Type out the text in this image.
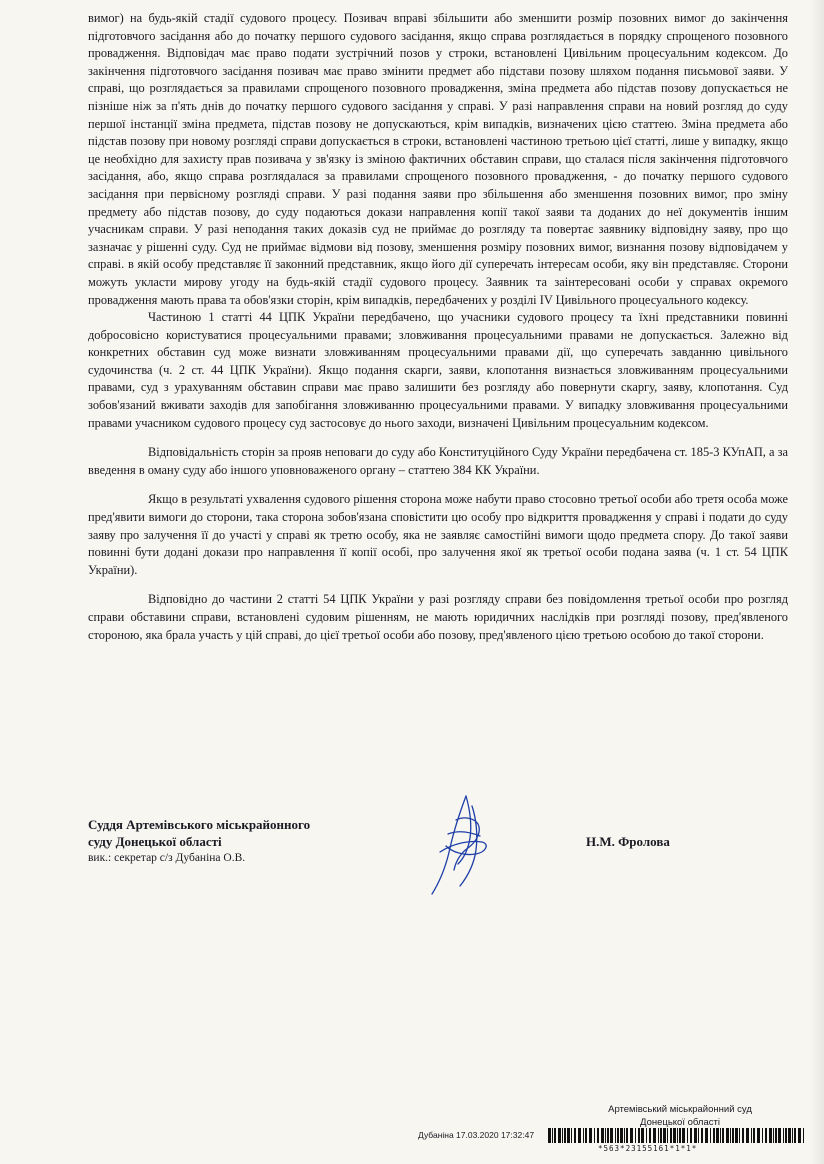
вимог) на будь-якій стадії судового процесу. Позивач вправі збільшити або зменшити розмір позовних вимог до закінчення підготовчого засідання або до початку першого судового засідання, якщо справа розглядається в порядку спрощеного позовного провадження. Відповідач має право подати зустрічний позов у строки, встановлені Цивільним процесуальним кодексом. До закінчення підготовчого засідання позивач має право змінити предмет або підстави позову шляхом подання письмової заяви. У справі, що розглядається за правилами спрощеного позовного провадження, зміна предмета або підстав позову допускається не пізніше ніж за п'ять днів до початку першого судового засідання у справі. У разі направлення справи на новий розгляд до суду першої інстанції зміна предмета, підстав позову не допускаються, крім випадків, визначених цією статтею. Зміна предмета або підстав позову при новому розгляді справи допускається в строки, встановлені частиною третьою цієї статті, лише у випадку, якщо це необхідно для захисту прав позивача у зв'язку із зміною фактичних обставин справи, що сталася після закінчення підготовчого засідання, або, якщо справа розглядалася за правилами спрощеного позовного провадження, - до початку першого судового засідання при первісному розгляді справи. У разі подання заяви про збільшення або зменшення позовних вимог, про зміну предмету або підстав позову, до суду подаються докази направлення копії такої заяви та доданих до неї документів іншим учасникам справи. У разі неподання таких доказів суд не приймає до розгляду та повертає заявнику відповідну заяву, про що зазначає у рішенні суду. Суд не приймає відмови від позову, зменшення розміру позовних вимог, визнання позову відповідачем у справі. в якій особу представляє її законний представник, якщо його дії суперечать інтересам особи, яку він представляє. Сторони можуть укласти мирову угоду на будь-якій стадії судового процесу. Заявник та заінтересовані особи у справах окремого провадження мають права та обов'язки сторін, крім випадків, передбачених у розділі IV Цивільного процесуального кодексу.

Частиною 1 статті 44 ЦПК України передбачено, що учасники судового процесу та їхні представники повинні добросовісно користуватися процесуальними правами; зловживання процесуальними правами не допускається. Залежно від конкретних обставин суд може визнати зловживанням процесуальними правами дії, що суперечать завданню цивільного судочинства (ч. 2 ст. 44 ЦПК України). Якщо подання скарги, заяви, клопотання визнається зловживанням процесуальними правами, суд з урахуванням обставин справи має право залишити без розгляду або повернути скаргу, заяву, клопотання. Суд зобов'язаний вживати заходів для запобігання зловживанню процесуальними правами. У випадку зловживання процесуальними правами учасником судового процесу суд застосовує до нього заходи, визначені Цивільним процесуальним кодексом.

Відповідальність сторін за прояв неповаги до суду або Конституційного Суду України передбачена ст. 185-3 КУпАП, а за введення в оману суду або іншого уповноваженого органу – статтею 384 КК України.

Якщо в результаті ухвалення судового рішення сторона може набути право стосовно третьої особи або третя особа може пред'явити вимоги до сторони, така сторона зобов'язана сповістити цю особу про відкриття провадження у справі і подати до суду заяву про залучення її до участі у справі як третю особу, яка не заявляє самостійні вимоги щодо предмета спору. До такої заяви повинні бути додані докази про направлення її копії особі, про залучення якої як третьої особи подана заява (ч. 1 ст. 54 ЦПК України).

Відповідно до частини 2 статті 54 ЦПК України у разі розгляду справи без повідомлення третьої особи про розгляд справи обставини справи, встановлені судовим рішенням, не мають юридичних наслідків при розгляді позову, пред'явленого стороною, яка брала участь у цій справі, до цієї третьої особи або позову, пред'явленого цією третьою особою до такої сторони.

Суддя Артемівського міськрайонного
суду Донецької області
вик.: секретар с/з Дубаніна О.В.
Н.М. Фролова
Артемівський міськрайонний суд
Донецької області
Дубаніна 17.03.2020 17:32:47
*563*23155161*1*1*
